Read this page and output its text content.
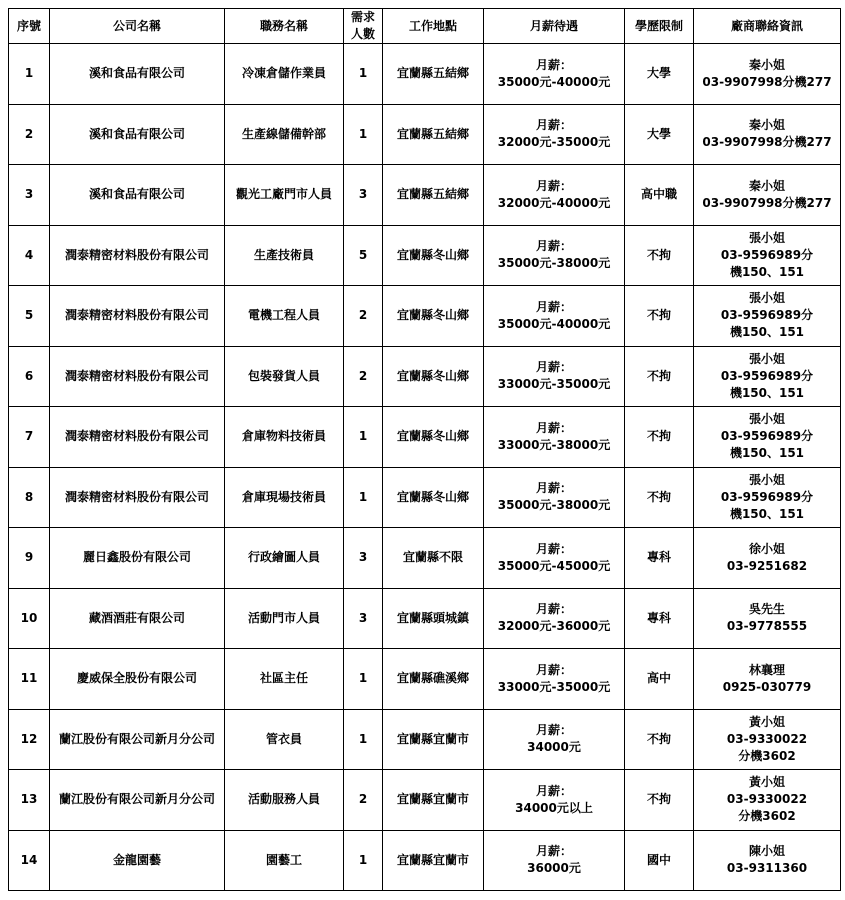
序號	公司名稱	職務名稱	需求
人數	工作地點	月薪待遇	學歷限制	廠商聯絡資訊
1	溪和食品有限公司	冷凍倉儲作業員	1	宜蘭縣五結鄉	月薪：
35000元-40000元	大學	秦小姐
03-9907998分機277
2	溪和食品有限公司	生產線儲備幹部	1	宜蘭縣五結鄉	月薪：
32000元-35000元	大學	秦小姐
03-9907998分機277
3	溪和食品有限公司	觀光工廠門市人員	3	宜蘭縣五結鄉	月薪：
32000元-40000元	高中職	秦小姐
03-9907998分機277
4	潤泰精密材料股份有限公司	生產技術員	5	宜蘭縣冬山鄉	月薪：
35000元-38000元	不拘	張小姐
03-9596989分
機150、151
5	潤泰精密材料股份有限公司	電機工程人員	2	宜蘭縣冬山鄉	月薪：
35000元-40000元	不拘	張小姐
03-9596989分
機150、151
6	潤泰精密材料股份有限公司	包裝發貨人員	2	宜蘭縣冬山鄉	月薪：
33000元-35000元	不拘	張小姐
03-9596989分
機150、151
7	潤泰精密材料股份有限公司	倉庫物料技術員	1	宜蘭縣冬山鄉	月薪：
33000元-38000元	不拘	張小姐
03-9596989分
機150、151
8	潤泰精密材料股份有限公司	倉庫現場技術員	1	宜蘭縣冬山鄉	月薪：
35000元-38000元	不拘	張小姐
03-9596989分
機150、151
9	麗日鑫股份有限公司	行政繪圖人員	3	宜蘭縣不限	月薪：
35000元-45000元	專科	徐小姐
03-9251682
10	藏酒酒莊有限公司	活動門市人員	3	宜蘭縣頭城鎮	月薪：
32000元-36000元	專科	吳先生
03-9778555
11	慶威保全股份有限公司	社區主任	1	宜蘭縣礁溪鄉	月薪：
33000元-35000元	高中	林襄理
0925-030779
12	蘭江股份有限公司新月分公司	管衣員	1	宜蘭縣宜蘭市	月薪：
34000元	不拘	黃小姐
03-9330022
分機3602
13	蘭江股份有限公司新月分公司	活動服務人員	2	宜蘭縣宜蘭市	月薪：
34000元以上	不拘	黃小姐
03-9330022
分機3602
14	金龍園藝	園藝工	1	宜蘭縣宜蘭市	月薪：
36000元	國中	陳小姐
03-9311360
